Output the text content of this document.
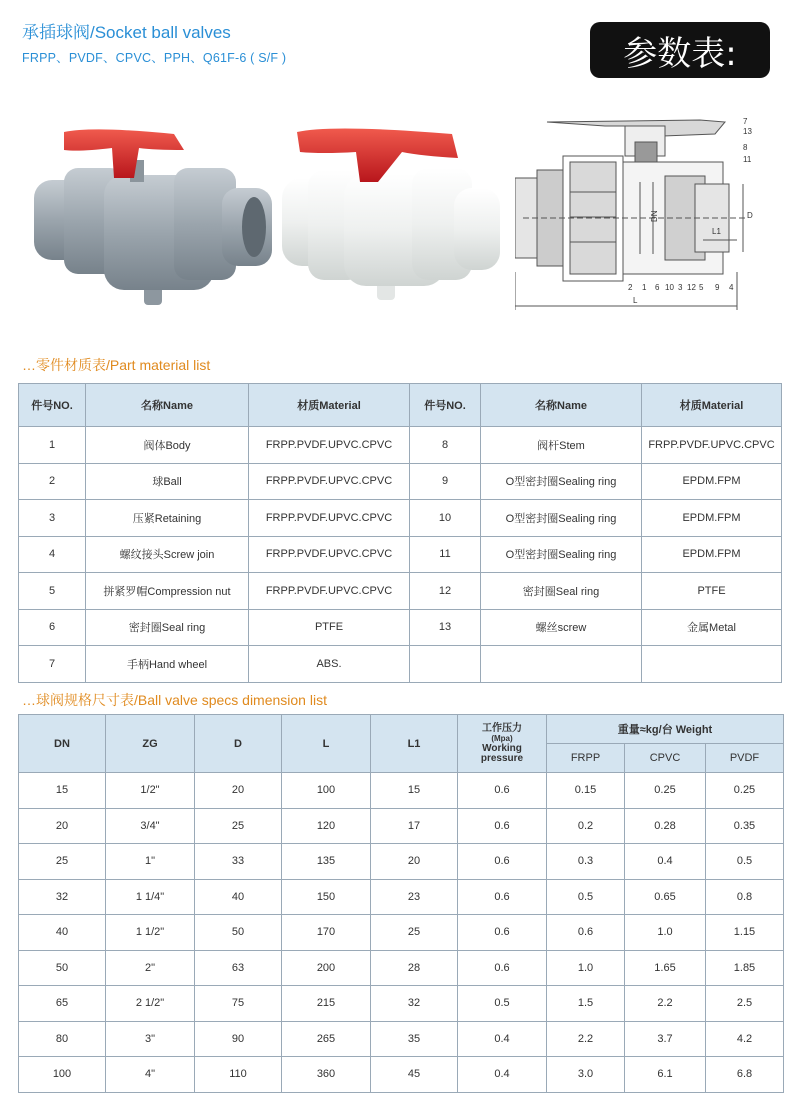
承插球阀/Socket ball valves
FRPP、PVDF、CPVC、PPH、Q61F-6 ( S/F )	参数表:
7
13
8
11
2 1 6 10 3 12 5 9 4
DN
L1
D
L
…零件材质表/Part material list
件号NO.	名称Name	材质Material	件号NO.	名称Name	材质Material
1	阀体Body	FRPP.PVDF.UPVC.CPVC	8	阀杆Stem	FRPP.PVDF.UPVC.CPVC
2	球Ball	FRPP.PVDF.UPVC.CPVC	9	O型密封圈Sealing ring	EPDM.FPM
3	压紧Retaining	FRPP.PVDF.UPVC.CPVC	10	O型密封圈Sealing ring	EPDM.FPM
4	螺纹接头Screw join	FRPP.PVDF.UPVC.CPVC	11	O型密封圈Sealing ring	EPDM.FPM
5	拼紧罗帽Compression nut	FRPP.PVDF.UPVC.CPVC	12	密封圈Seal ring	PTFE
6	密封圈Seal ring	PTFE	13	螺丝screw	金属Metal
7	手柄Hand wheel	ABS.			
…球阀规格尺寸表/Ball valve specs dimension list
DN	ZG	D	L	L1	工作压力
(Mpa)
Working
pressure	重量≈kg/台 Weight		
						FRPP	CPVC	PVDF
15	1/2"	20	100	15	0.6	0.15	0.25	0.25
20	3/4"	25	120	17	0.6	0.2	0.28	0.35
25	1"	33	135	20	0.6	0.3	0.4	0.5
32	1 1/4"	40	150	23	0.6	0.5	0.65	0.8
40	1 1/2"	50	170	25	0.6	0.6	1.0	1.15
50	2"	63	200	28	0.6	1.0	1.65	1.85
65	2 1/2"	75	215	32	0.5	1.5	2.2	2.5
80	3"	90	265	35	0.4	2.2	3.7	4.2
100	4"	110	360	45	0.4	3.0	6.1	6.8
